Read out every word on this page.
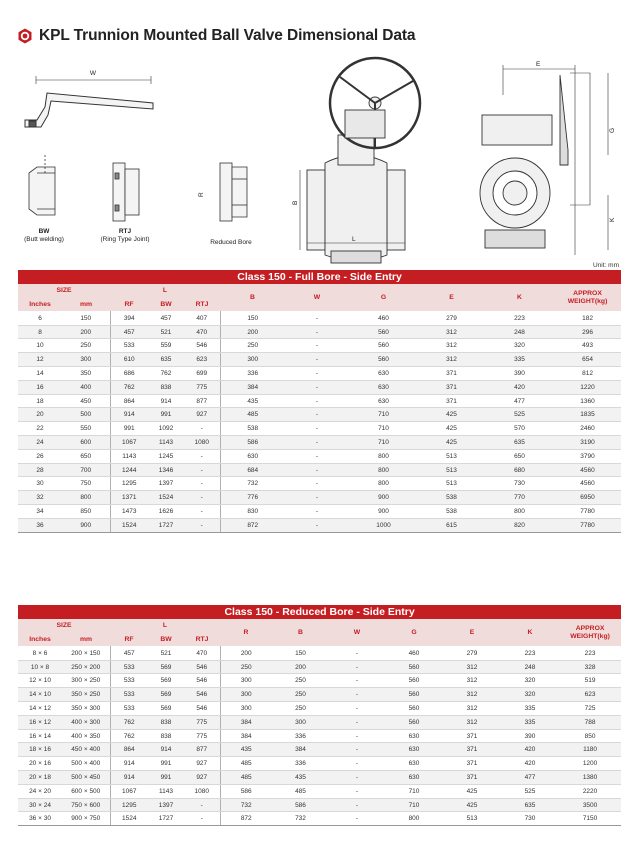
KPL Trunnion Mounted Ball Valve Dimensional Data
W
BW
(Butt welding)
RTJ
(Ring Type Joint)
R
Reduced Bore
B
L
E
G
K
Unit: mm
Class 150 - Full Bore - Side Entry										
SIZE		L			B	W	G	E	K	APPROX
WEIGHT(kg)
Inches	mm	RF	BW	RTJ						
6	150	394	457	407	150	-	460	279	223	182
8	200	457	521	470	200	-	560	312	248	296
10	250	533	559	546	250	-	560	312	320	493
12	300	610	635	623	300	-	560	312	335	654
14	350	686	762	699	336	-	630	371	390	812
16	400	762	838	775	384	-	630	371	420	1220
18	450	864	914	877	435	-	630	371	477	1360
20	500	914	991	927	485	-	710	425	525	1835
22	550	991	1092	-	538	-	710	425	570	2460
24	600	1067	1143	1080	586	-	710	425	635	3190
26	650	1143	1245	-	630	-	800	513	650	3790
28	700	1244	1346	-	684	-	800	513	680	4560
30	750	1295	1397	-	732	-	800	513	730	4560
32	800	1371	1524	-	776	-	900	538	770	6950
34	850	1473	1626	-	830	-	900	538	800	7780
36	900	1524	1727	-	872	-	1000	615	820	7780
Class 150 - Reduced Bore - Side Entry											
SIZE		L			R	B	W	G	E	K	APPROX
WEIGHT(kg)
Inches	mm	RF	BW	RTJ							
8 × 6	200 × 150	457	521	470	200	150	-	460	279	223	223
10 × 8	250 × 200	533	569	546	250	200	-	560	312	248	328
12 × 10	300 × 250	533	569	546	300	250	-	560	312	320	519
14 × 10	350 × 250	533	569	546	300	250	-	560	312	320	623
14 × 12	350 × 300	533	569	546	300	250	-	560	312	335	725
16 × 12	400 × 300	762	838	775	384	300	-	560	312	335	788
16 × 14	400 × 350	762	838	775	384	336	-	630	371	390	850
18 × 16	450 × 400	864	914	877	435	384	-	630	371	420	1180
20 × 16	500 × 400	914	991	927	485	336	-	630	371	420	1200
20 × 18	500 × 450	914	991	927	485	435	-	630	371	477	1380
24 × 20	600 × 500	1067	1143	1080	586	485	-	710	425	525	2220
30 × 24	750 × 600	1295	1397	-	732	586	-	710	425	635	3500
36 × 30	900 × 750	1524	1727	-	872	732	-	800	513	730	7150
